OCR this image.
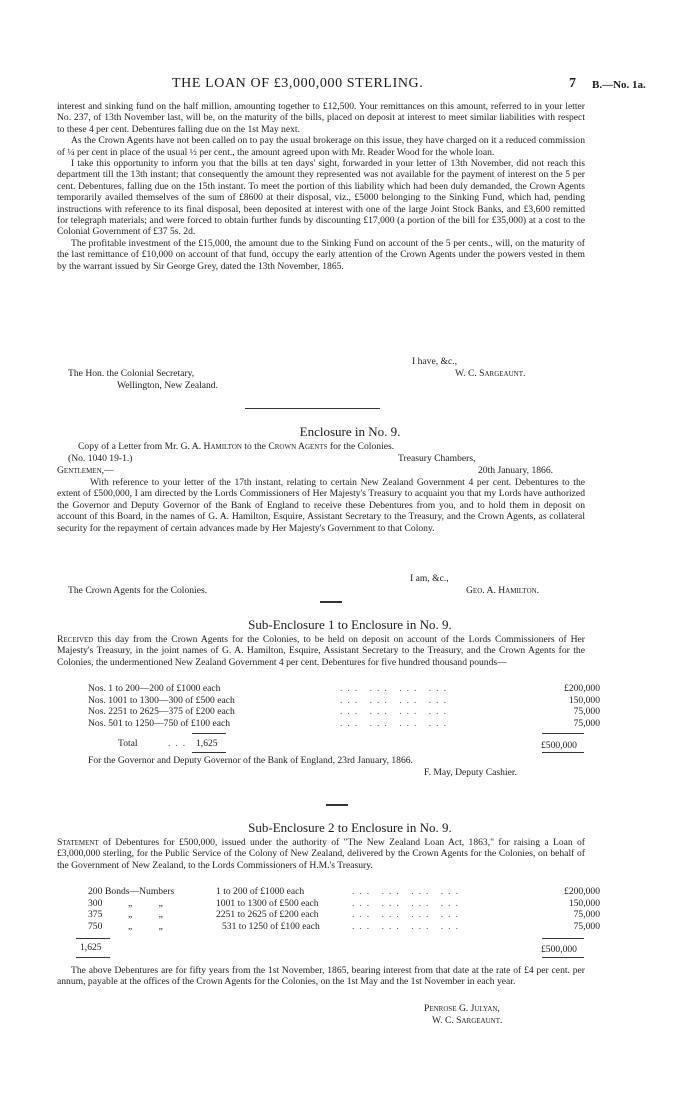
THE LOAN OF £3,000,000 STERLING.	7 B.—No. 1a.

interest and sinking fund on the half million, amounting together to £12,500. Your remittances on this amount, referred to in your letter No. 237, of 13th November last, will be, on the maturity of the bills, placed on deposit at interest to meet similar liabilities with respect to these 4 per cent. Debentures falling due on the 1st May next.

As the Crown Agents have not been called on to pay the usual brokerage on this issue, they have charged on it a reduced commission of ¼ per cent in place of the usual ½ per cent., the amount agreed upon with Mr. Reader Wood for the whole loan.

I take this opportunity to inform you that the bills at ten days' sight, forwarded in your letter of 13th November, did not reach this department till the 13th instant; that consequently the amount they represented was not available for the payment of interest on the 5 per cent. Debentures, falling due on the 15th instant. To meet the portion of this liability which had been duly demanded, the Crown Agents temporarily availed themselves of the sum of £8600 at their disposal, viz., £5000 belonging to the Sinking Fund, which had, pending instructions with reference to its final disposal, been deposited at interest with one of the large Joint Stock Banks, and £3,600 remitted for telegraph materials; and were forced to obtain further funds by discounting £17,000 (a portion of the bill for £35,000) at a cost to the Colonial Government of £37 5s. 2d.

The profitable investment of the £15,000, the amount due to the Sinking Fund on account of the 5 per cents., will, on the maturity of the last remittance of £10,000 on account of that fund, occupy the early attention of the Crown Agents under the powers vested in them by the warrant issued by Sir George Grey, dated the 13th November, 1865.

I have, &c.,
W. C. Sargeaunt.
The Hon. the Colonial Secretary,
Wellington, New Zealand.
Enclosure in No. 9.
Copy of a Letter from Mr. G. A. Hamilton to the Crown Agents for the Colonies.
(No. 1040 19-1.)	Treasury Chambers,
20th January, 1866.
Gentlemen,—

With reference to your letter of the 17th instant, relating to certain New Zealand Government 4 per cent. Debentures to the extent of £500,000, I am directed by the Lords Commissioners of Her Majesty's Treasury to acquaint you that my Lords have authorized the Governor and Deputy Governor of the Bank of England to receive these Debentures from you, and to hold them in deposit on account of this Board, in the names of G. A. Hamilton, Esquire, Assistant Secretary to the Treasury, and the Crown Agents, as collateral security for the repayment of certain advances made by Her Majesty's Government to that Colony.

I am, &c.,
The Crown Agents for the Colonies.	Geo. A. Hamilton.
Sub-Enclosure 1 to Enclosure in No. 9.

Received this day from the Crown Agents for the Colonies, to be held on deposit on account of the Lords Commissioners of Her Majesty's Treasury, in the joint names of G. A. Hamilton, Esquire, Assistant Secretary to the Treasury, and the Crown Agents for the Colonies, the undermentioned New Zealand Government 4 per cent. Debentures for five hundred thousand pounds—

Nos. 1 to 200—200 of £1000 each	... ... ... ...	£200,000
Nos. 1001 to 1300—300 of £500 each	... ... ... ...	150,000
Nos. 2251 to 2625—375 of £200 each	... ... ... ...	75,000
Nos. 501 to 1250—750 of £100 each	... ... ... ...	75,000
Total	... 1,625	£500,000
For the Governor and Deputy Governor of the Bank of England, 23rd January, 1866.
F. May, Deputy Cashier.
Sub-Enclosure 2 to Enclosure in No. 9.

Statement of Debentures for £500,000, issued under the authority of "The New Zealand Loan Act, 1863," for raising a Loan of £3,000,000 sterling, for the Public Service of the Colony of New Zealand, delivered by the Crown Agents for the Colonies, on behalf of the Government of New Zealand, to the Lords Commissioners of H.M.'s Treasury.

200 Bonds—Numbers	1 to 200 of £1000 each	... ... ... ...	£200,000
300	„ „	1001 to 1300 of £500 each	... ... ... ...	150,000
375	„ „	2251 to 2625 of £200 each	... ... ... ...	75,000
750	„ „	531 to 1250 of £100 each	... ... ... ...	75,000
1,625	£500,000

The above Debentures are for fifty years from the 1st November, 1865, bearing interest from that date at the rate of £4 per cent. per annum, payable at the offices of the Crown Agents for the Colonies, on the 1st May and the 1st November in each year.

Penrose G. Julyan,
W. C. Sargeaunt.
